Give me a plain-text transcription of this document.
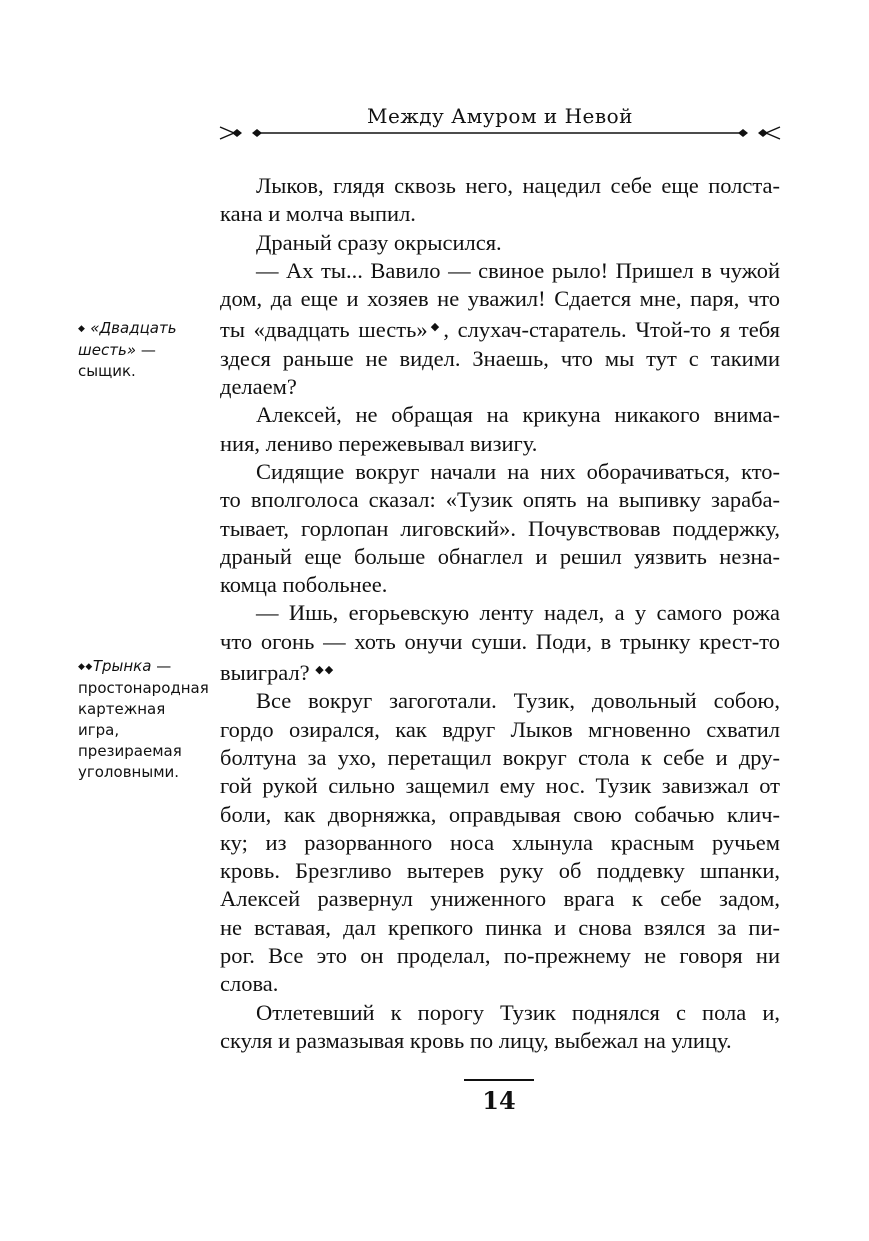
Между Амуром и Невой
Лыков, глядя сквозь него, нацедил себе еще полста-
кана и молча выпил.
Драный сразу окрысился.
— Ах ты... Вавило — свиное рыло! Пришел в чужой
дом, да еще и хозяев не уважил! Сдается мне, паря, что
ты «двадцать шесть»◆, слухач-старатель. Чтой-то я тебя
здеся раньше не видел. Знаешь, что мы тут с такими
делаем?
Алексей, не обращая на крикуна никакого внима-
ния, лениво пережевывал визигу.
Сидящие вокруг начали на них оборачиваться, кто-
то вполголоса сказал: «Тузик опять на выпивку зараба-
тывает, горлопан лиговский». Почувствовав поддержку,
драный еще больше обнаглел и решил уязвить незна-
комца побольнее.
— Ишь, егорьевскую ленту надел, а у самого рожа
что огонь — хоть онучи суши. Поди, в трынку крест-то
выиграл? ◆◆
Все вокруг загоготали. Тузик, довольный собою,
гордо озирался, как вдруг Лыков мгновенно схватил
болтуна за ухо, перетащил вокруг стола к себе и дру-
гой рукой сильно защемил ему нос. Тузик завизжал от
боли, как дворняжка, оправдывая свою собачью клич-
ку; из разорванного носа хлынула красным ручьем
кровь. Брезгливо вытерев руку об поддевку шпанки,
Алексей развернул униженного врага к себе задом,
не вставая, дал крепкого пинка и снова взялся за пи-
рог. Все это он проделал, по-прежнему не говоря ни
слова.
Отлетевший к порогу Тузик поднялся с пола и,
скуля и размазывая кровь по лицу, выбежал на улицу.
◆ «Двадцать шесть» — сыщик.
◆◆Трынка — простонародная картежная игра, презираемая уголовными.
14
